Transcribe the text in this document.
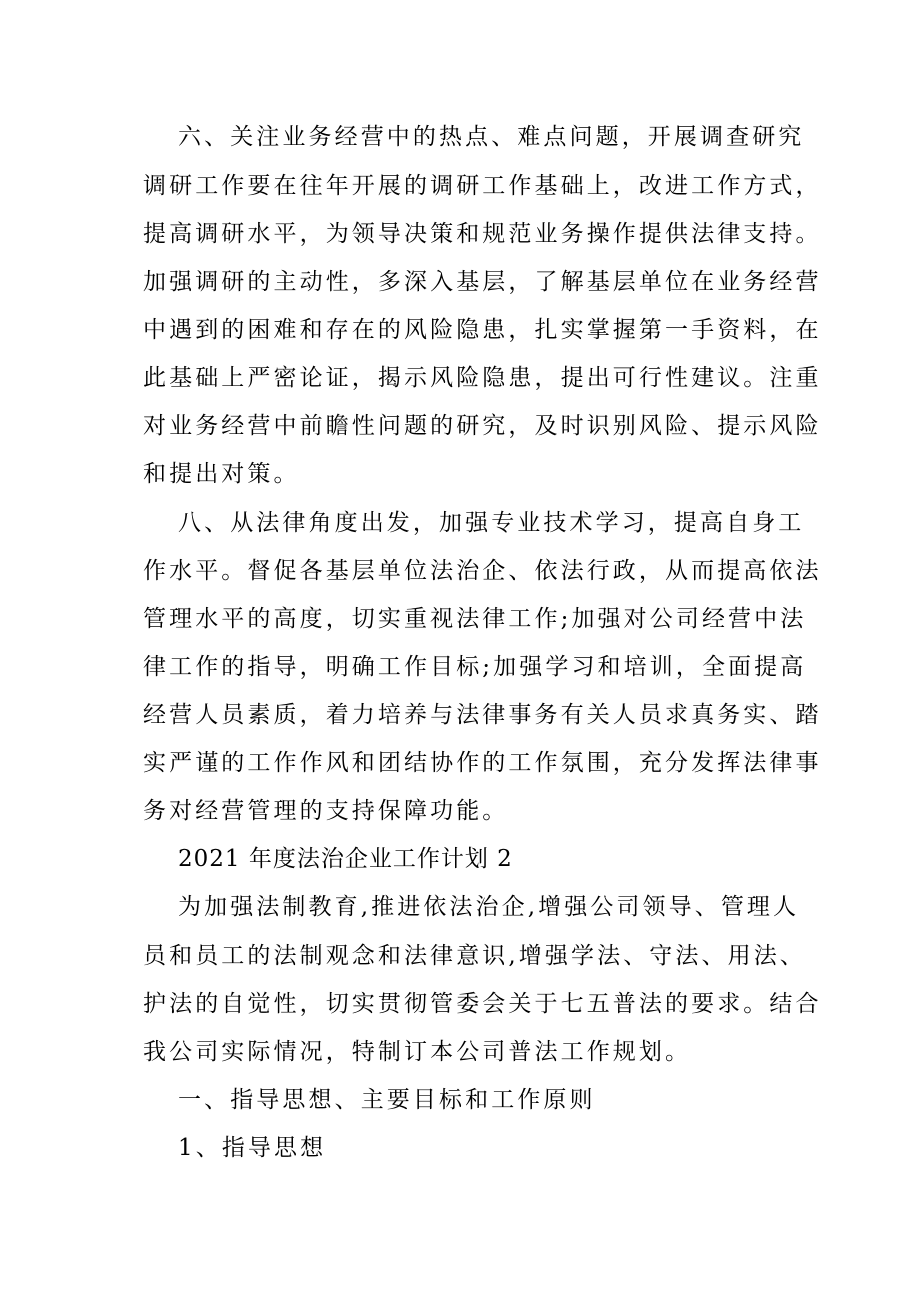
六、关注业务经营中的热点、难点问题，开展调查研究
调研工作要在往年开展的调研工作基础上，改进工作方式，
提高调研水平，为领导决策和规范业务操作提供法律支持。
加强调研的主动性，多深入基层，了解基层单位在业务经营
中遇到的困难和存在的风险隐患，扎实掌握第一手资料，在
此基础上严密论证，揭示风险隐患，提出可行性建议。注重
对业务经营中前瞻性问题的研究，及时识别风险、提示风险
和提出对策。
八、从法律角度出发，加强专业技术学习，提高自身工
作水平。督促各基层单位法治企、依法行政，从而提高依法
管理水平的高度，切实重视法律工作;加强对公司经营中法
律工作的指导，明确工作目标;加强学习和培训，全面提高
经营人员素质，着力培养与法律事务有关人员求真务实、踏
实严谨的工作作风和团结协作的工作氛围，充分发挥法律事
务对经营管理的支持保障功能。
2021 年度法治企业工作计划 2
为加强法制教育,推进依法治企,增强公司领导、管理人
员和员工的法制观念和法律意识,增强学法、守法、用法、
护法的自觉性，切实贯彻管委会关于七五普法的要求。结合
我公司实际情况，特制订本公司普法工作规划。
一、指导思想、主要目标和工作原则
1、指导思想
